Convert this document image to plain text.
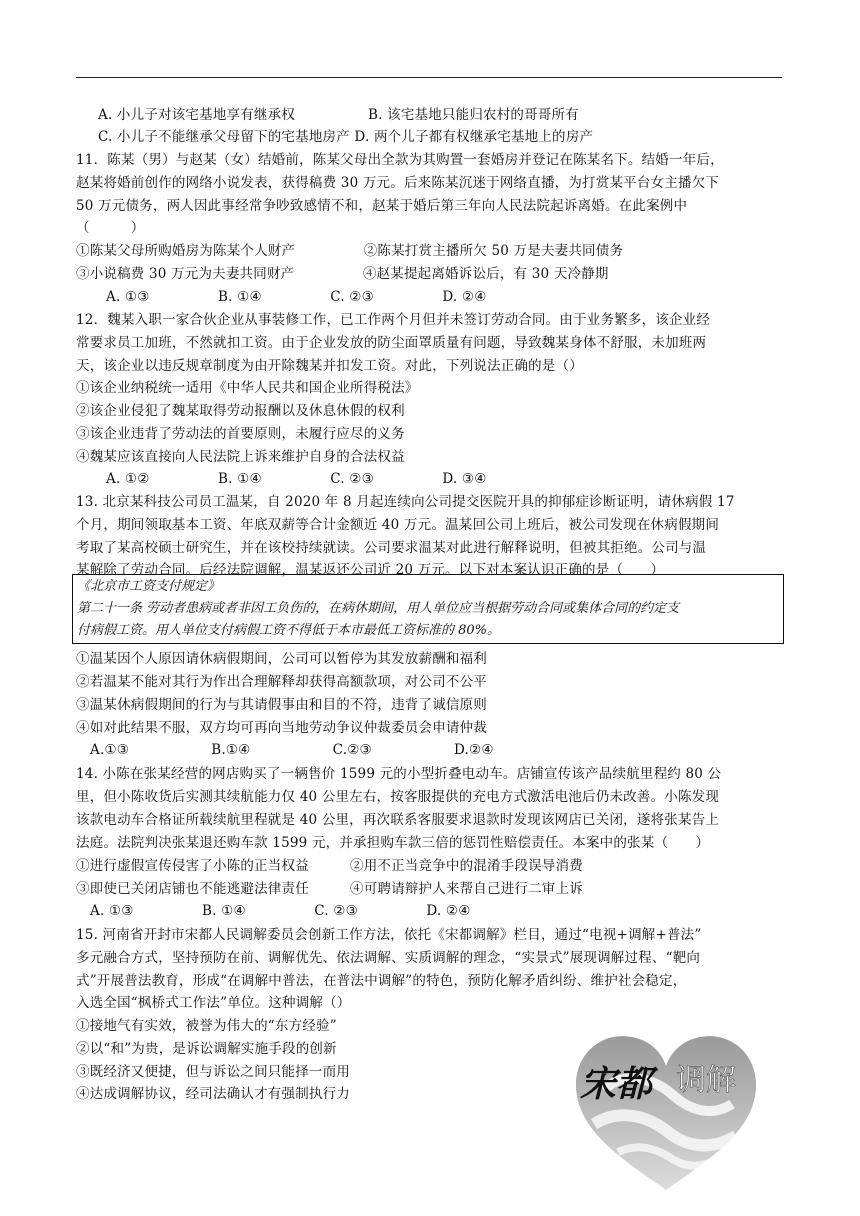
A. 小儿子对该宅基地享有继承权 　　　　　B. 该宅基地只能归农村的哥哥所有
C. 小儿子不能继承父母留下的宅基地房产 D. 两个儿子都有权继承宅基地上的房产
11．陈某（男）与赵某（女）结婚前，陈某父母出全款为其购置一套婚房并登记在陈某名下。结婚一年后，
赵某将婚前创作的网络小说发表，获得稿费 30 万元。后来陈某沉迷于网络直播，为打赏某平台女主播欠下
50 万元债务，两人因此事经常争吵致感情不和，赵某于婚后第三年向人民法院起诉离婚。在此案例中
（　　　）
①陈某父母所购婚房为陈某个人财产　　　　　②陈某打赏主播所欠 50 万是夫妻共同债务
③小说稿费 30 万元为夫妻共同财产　　　　　④赵某提起离婚诉讼后，有 30 天冷静期
A. ①③　　　　　B. ①④　　　　　C. ②③　　　　　D. ②④
12．魏某入职一家合伙企业从事装修工作，已工作两个月但并未签订劳动合同。由于业务繁多，该企业经
常要求员工加班，不然就扣工资。由于企业发放的防尘面罩质量有问题，导致魏某身体不舒服，未加班两
天，该企业以违反规章制度为由开除魏某并扣发工资。对此，下列说法正确的是（）
①该企业纳税统一适用《中华人民共和国企业所得税法》
②该企业侵犯了魏某取得劳动报酬以及休息休假的权利
③该企业违背了劳动法的首要原则，未履行应尽的义务
④魏某应该直接向人民法院上诉来维护自身的合法权益
A. ①②　　　　　B. ①④　　　　　C. ②③　　　　　D. ③④
13. 北京某科技公司员工温某，自 2020 年 8 月起连续向公司提交医院开具的抑郁症诊断证明，请休病假 17
个月，期间领取基本工资、年底双薪等合计金额近 40 万元。温某回公司上班后，被公司发现在休病假期间
考取了某高校硕士研究生，并在该校持续就读。公司要求温某对此进行解释说明，但被其拒绝。公司与温
某解除了劳动合同。后经法院调解，温某返还公司近 20 万元。以下对本案认识正确的是（　　）
①温某因个人原因请休病假期间，公司可以暂停为其发放薪酬和福利
②若温某不能对其行为作出合理解释却获得高额款项，对公司不公平
③温某休病假期间的行为与其请假事由和目的不符，违背了诚信原则
④如对此结果不服，双方均可再向当地劳动争议仲裁委员会申请仲裁
A.①③　　　　　　B.①④　　　　　　C.②③　　　　　　D.②④
14. 小陈在张某经营的网店购买了一辆售价 1599 元的小型折叠电动车。店铺宣传该产品续航里程约 80 公
里，但小陈收货后实测其续航能力仅 40 公里左右，按客服提供的充电方式激活电池后仍未改善。小陈发现
该款电动车合格证所载续航里程就是 40 公里，再次联系客服要求退款时发现该网店已关闭，遂将张某告上
法庭。法院判决张某退还购车款 1599 元，并承担购车款三倍的惩罚性赔偿责任。本案中的张某（　　）
①进行虚假宣传侵害了小陈的正当权益　　　②用不正当竞争中的混淆手段误导消费
③即使已关闭店铺也不能逃避法律责任　　　④可聘请辩护人来帮自己进行二审上诉
A. ①③　　　　　B. ①④　　　　　C. ②③　　　　　D. ②④
15. 河南省开封市宋都人民调解委员会创新工作方法，依托《宋都调解》栏目，通过“电视+调解+普法”
多元融合方式，坚持预防在前、调解优先、依法调解、实质调解的理念，“实景式”展现调解过程、“靶向
式”开展普法教育，形成“在调解中普法，在普法中调解”的特色，预防化解矛盾纠纷、维护社会稳定，
入选全国“枫桥式工作法”单位。这种调解（）
①接地气有实效，被誉为伟大的“东方经验”
②以“和”为贵，是诉讼调解实施手段的创新
③既经济又便捷，但与诉讼之间只能择一而用
④达成调解协议，经司法确认才有强制执行力
《北京市工资支付规定》
第二十一条 劳动者患病或者非因工负伤的，在病休期间，用人单位应当根据劳动合同或集体合同的约定支
付病假工资。用人单位支付病假工资不得低于本市最低工资标准的 80%。
宋都 调解
